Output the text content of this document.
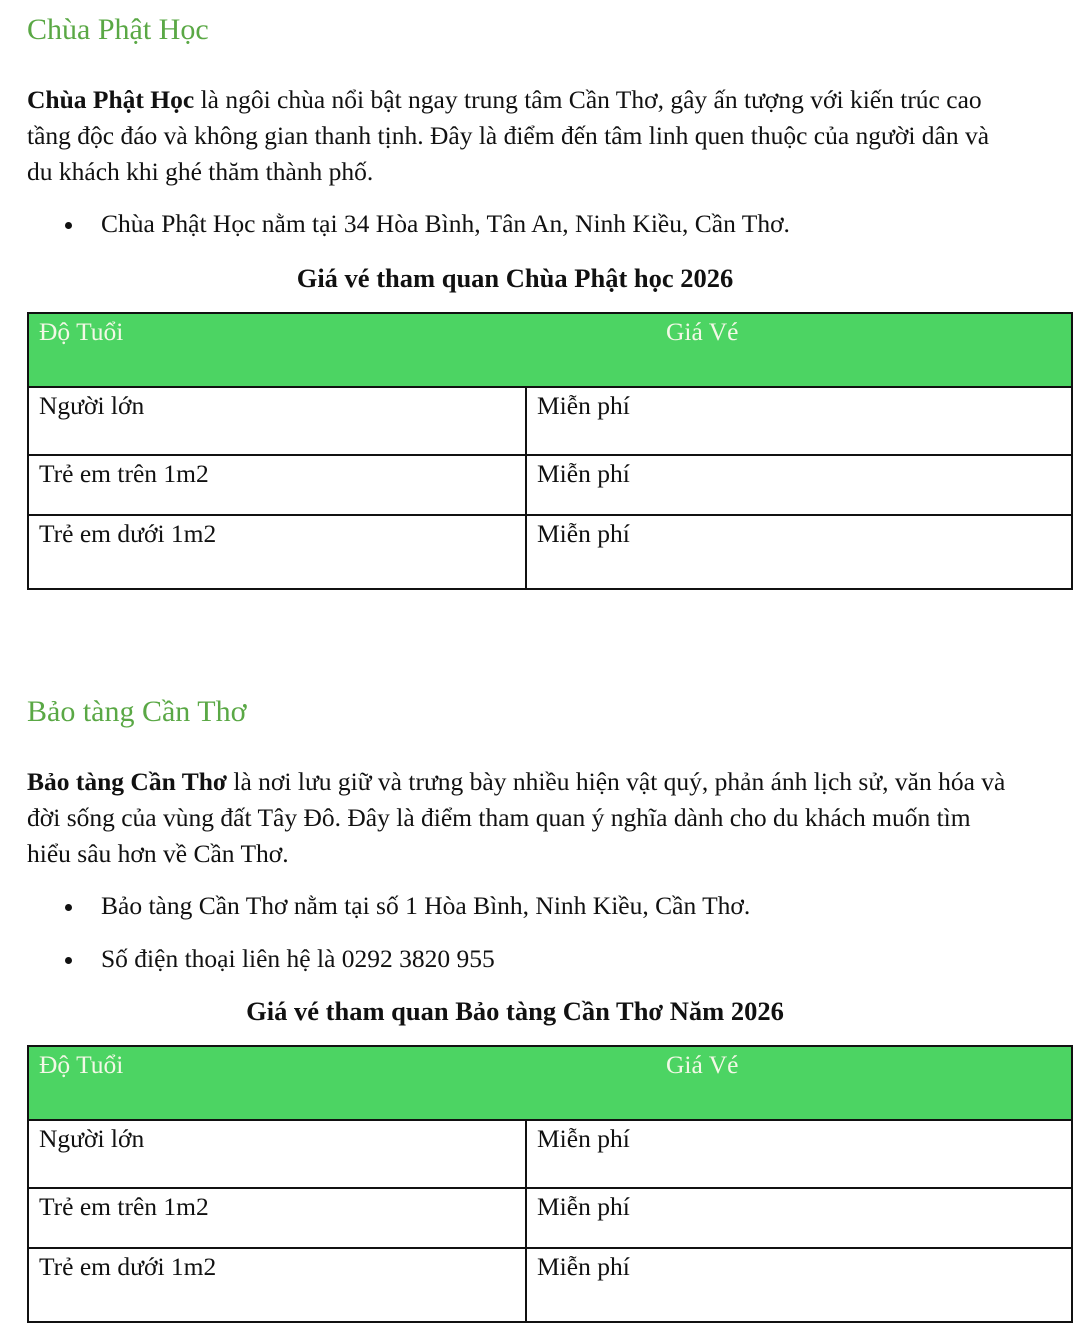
Chùa Phật Học

Chùa Phật Học là ngôi chùa nổi bật ngay trung tâm Cần Thơ, gây ấn tượng với kiến trúc cao tầng độc đáo và không gian thanh tịnh. Đây là điểm đến tâm linh quen thuộc của người dân và du khách khi ghé thăm thành phố.

Chùa Phật Học nằm tại 34 Hòa Bình, Tân An, Ninh Kiều, Cần Thơ.
Giá vé tham quan Chùa Phật học 2026
Độ Tuổi	Giá Vé
Người lớn	Miễn phí
Trẻ em trên 1m2	Miễn phí
Trẻ em dưới 1m2	Miễn phí
Bảo tàng Cần Thơ

Bảo tàng Cần Thơ là nơi lưu giữ và trưng bày nhiều hiện vật quý, phản ánh lịch sử, văn hóa và đời sống của vùng đất Tây Đô. Đây là điểm tham quan ý nghĩa dành cho du khách muốn tìm hiểu sâu hơn về Cần Thơ.

Bảo tàng Cần Thơ nằm tại số 1 Hòa Bình, Ninh Kiều, Cần Thơ.
Số điện thoại liên hệ là 0292 3820 955
Giá vé tham quan Bảo tàng Cần Thơ Năm 2026
Độ Tuổi	Giá Vé
Người lớn	Miễn phí
Trẻ em trên 1m2	Miễn phí
Trẻ em dưới 1m2	Miễn phí
